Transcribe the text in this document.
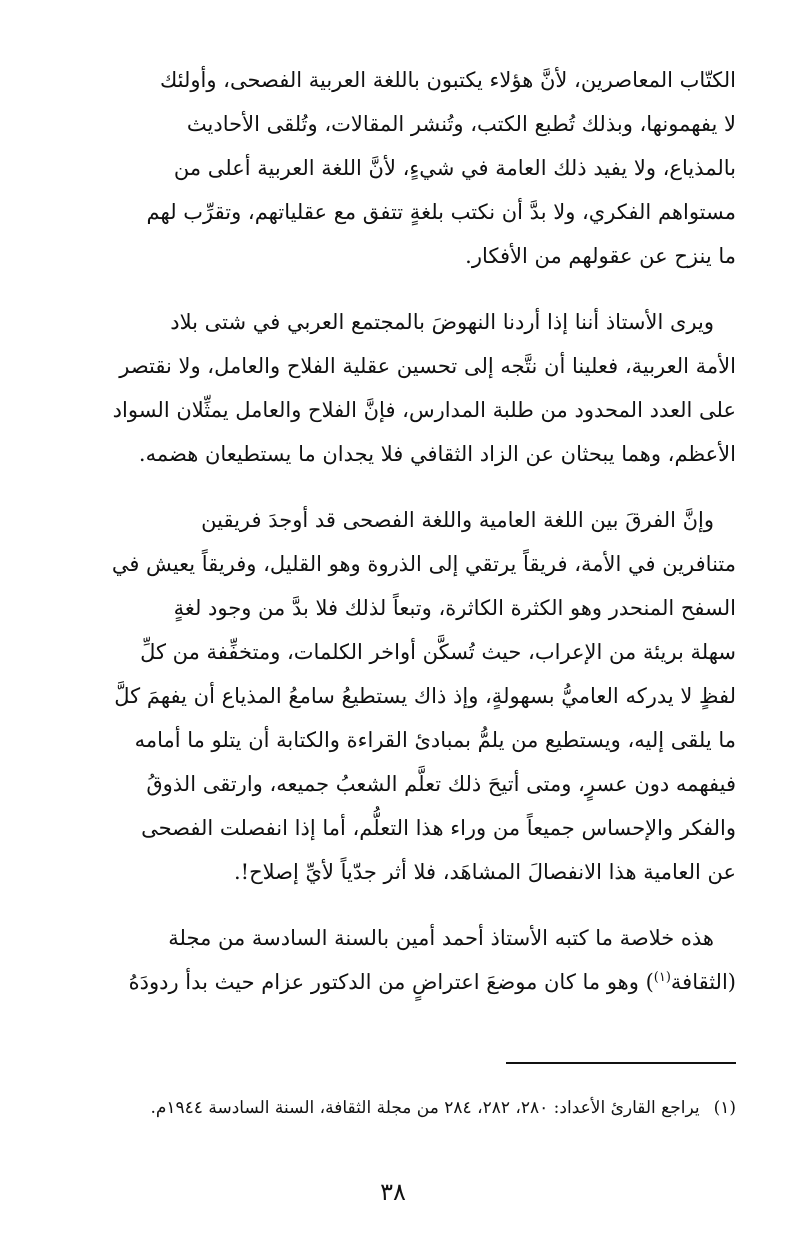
الكتّاب المعاصرين، لأنَّ هؤلاء يكتبون باللغة العربية الفصحى، وأولئك

لا يفهمونها، وبذلك تُطبع الكتب، وتُنشر المقالات، وتُلقى الأحاديث

بالمذياع، ولا يفيد ذلك العامة في شيءٍ، لأنَّ اللغة العربية أعلى من

مستواهم الفكري، ولا بدَّ أن نكتب بلغةٍ تتفق مع عقلياتهم، وتقرِّب لهم

ما ينزح عن عقولهم من الأفكار.

ويرى الأستاذ أننا إذا أردنا النهوضَ بالمجتمع العربي في شتى بلاد

الأمة العربية، فعلينا أن نتَّجه إلى تحسين عقلية الفلاح والعامل، ولا نقتصر

على العدد المحدود من طلبة المدارس، فإنَّ الفلاح والعامل يمثِّلان السواد

الأعظم، وهما يبحثان عن الزاد الثقافي فلا يجدان ما يستطيعان هضمه.

وإنَّ الفرقَ بين اللغة العامية واللغة الفصحى قد أوجدَ فريقين

متنافرين في الأمة، فريقاً يرتقي إلى الذروة وهو القليل، وفريقاً يعيش في

السفح المنحدر وهو الكثرة الكاثرة، وتبعاً لذلك فلا بدَّ من وجود لغةٍ

سهلة بريئة من الإعراب، حيث تُسكَّن أواخر الكلمات، ومتخفِّفة من كلِّ

لفظٍ لا يدركه العاميُّ بسهولةٍ، وإذ ذاك يستطيعُ سامعُ المذياع أن يفهمَ كلَّ

ما يلقى إليه، ويستطيع من يلمُّ بمبادئ القراءة والكتابة أن يتلو ما أمامه

فيفهمه دون عسرٍ، ومتى أتيحَ ذلك تعلَّم الشعبُ جميعه، وارتقى الذوقُ

والفكر والإحساس جميعاً من وراء هذا التعلُّم، أما إذا انفصلت الفصحى

عن العامية هذا الانفصالَ المشاهَد، فلا أثر جدّياً لأيِّ إصلاح!.

هذه خلاصة ما كتبه الأستاذ أحمد أمين بالسنة السادسة من مجلة

(الثقافة$^{(١)}$) وهو ما كان موضعَ اعتراضٍ من الدكتور عزام حيث بدأ ردودَهُ

(١)يراجع القارئ الأعداد: ٢٨٠، ٢٨٢، ٢٨٤ من مجلة الثقافة، السنة السادسة ١٩٤٤م.

٣٨
